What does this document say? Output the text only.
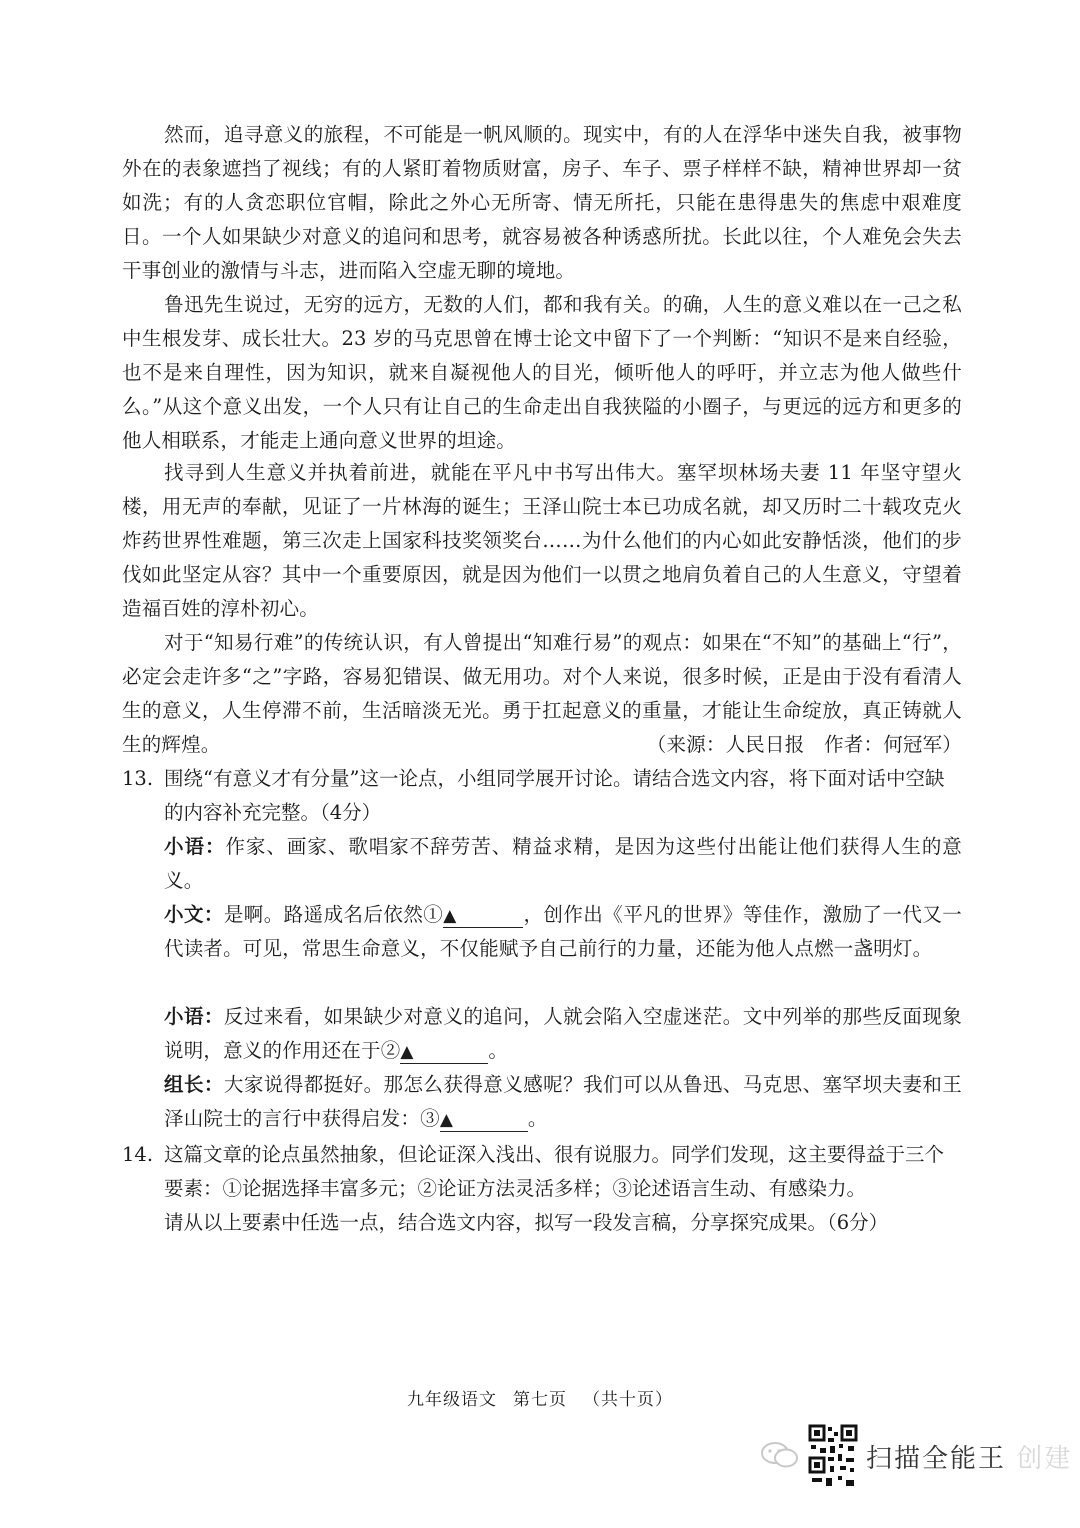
然而，追寻意义的旅程，不可能是一帆风顺的。现实中，有的人在浮华中迷失自我，被事物外在的表象遮挡了视线；有的人紧盯着物质财富，房子、车子、票子样样不缺，精神世界却一贫如洗；有的人贪恋职位官帽，除此之外心无所寄、情无所托，只能在患得患失的焦虑中艰难度日。一个人如果缺少对意义的追问和思考，就容易被各种诱惑所扰。长此以往，个人难免会失去干事创业的激情与斗志，进而陷入空虚无聊的境地。
鲁迅先生说过，无穷的远方，无数的人们，都和我有关。的确，人生的意义难以在一己之私中生根发芽、成长壮大。23 岁的马克思曾在博士论文中留下了一个判断：“知识不是来自经验，也不是来自理性，因为知识，就来自凝视他人的目光，倾听他人的呼吁，并立志为他人做些什么。”从这个意义出发，一个人只有让自己的生命走出自我狭隘的小圈子，与更远的远方和更多的他人相联系，才能走上通向意义世界的坦途。
找寻到人生意义并执着前进，就能在平凡中书写出伟大。塞罕坝林场夫妻 11 年坚守望火楼，用无声的奉献，见证了一片林海的诞生；王泽山院士本已功成名就，却又历时二十载攻克火炸药世界性难题，第三次走上国家科技奖领奖台……为什么他们的内心如此安静恬淡，他们的步伐如此坚定从容？其中一个重要原因，就是因为他们一以贯之地肩负着自己的人生意义，守望着造福百姓的淳朴初心。
对于“知易行难”的传统认识，有人曾提出“知难行易”的观点：如果在“不知”的基础上“行”，必定会走许多“之”字路，容易犯错误、做无用功。对个人来说，很多时候，正是由于没有看清人生的意义，人生停滞不前，生活暗淡无光。勇于扛起意义的重量，才能让生命绽放，真正铸就人生的辉煌。	（来源：人民日报　作者：何冠军）
13. 围绕“有意义才有分量”这一论点，小组同学展开讨论。请结合选文内容，将下面对话中空缺的内容补充完整。（4分）
小语：作家、画家、歌唱家不辞劳苦、精益求精，是因为这些付出能让他们获得人生的意义。
小文：是啊。路遥成名后依然①▲	，创作出《平凡的世界》等佳作，激励了一代又一代读者。可见，常思生命意义，不仅能赋予自己前行的力量，还能为他人点燃一盏明灯。
小语：反过来看，如果缺少对意义的追问，人就会陷入空虚迷茫。文中列举的那些反面现象说明，意义的作用还在于②▲	。
组长：大家说得都挺好。那怎么获得意义感呢？我们可以从鲁迅、马克思、塞罕坝夫妻和王泽山院士的言行中获得启发：③▲	。
14. 这篇文章的论点虽然抽象，但论证深入浅出、很有说服力。同学们发现，这主要得益于三个要素：①论据选择丰富多元；②论证方法灵活多样；③论述语言生动、有感染力。
请从以上要素中任选一点，结合选文内容，拟写一段发言稿，分享探究成果。（6分）
九年级语文 第七页 （共十页）
扫描全能王 创建
